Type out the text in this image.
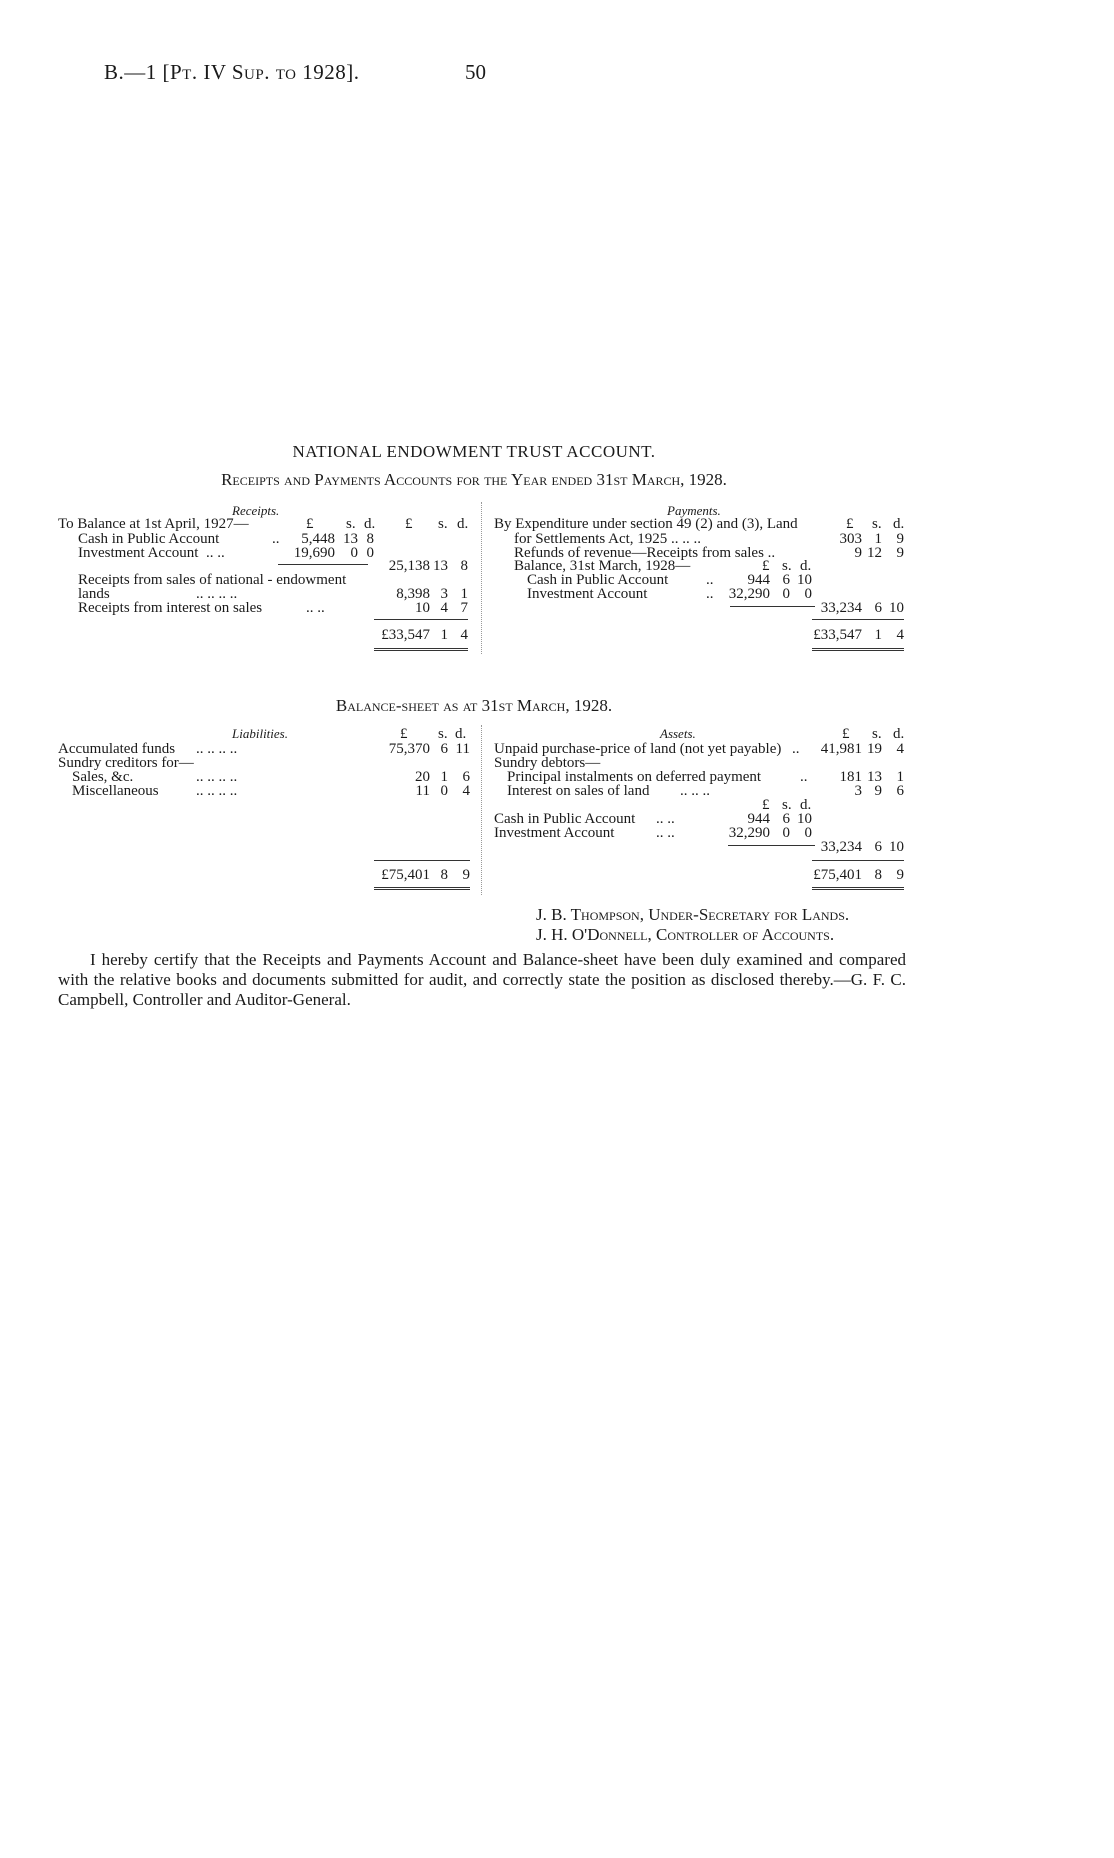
B.—1 [Pt. IV Sup. to 1928].	50
NATIONAL ENDOWMENT TRUST ACCOUNT.
Receipts and Payments Accounts for the Year ended 31st March, 1928.
Receipts.
To Balance at 1st April, 1927—	£ s. d. £ s. d.
Cash in Public Account	..	5,448 13 8
Investment Account .. ..	19,690	0 0
25,138 13 8
Receipts from sales of national - endowment
lands	.. .. .. ..	8,398 3 1
Receipts from interest on sales	.. ..	10 4 7
£33,547 1 4
Payments.
By Expenditure under section 49 (2) and (3), Land	£ s. d.
for Settlements Act, 1925 .. .. ..	303 1 9
Refunds of revenue—Receipts from sales ..	9 12 9
Balance, 31st March, 1928—	£ s. d.
Cash in Public Account	..	944 6 10
Investment Account	..	32,290 0 0
33,234 6 10
£33,547 1 4
Balance-sheet as at 31st March, 1928.
Liabilities.	£ s. d.
Accumulated funds .. .. .. ..	75,370 6 11
Sundry creditors for—
Sales, &c.	.. .. .. ..	20 1 6
Miscellaneous .. .. .. ..	11 0 4
£75,401 8 9
Assets.	£ s. d.
Unpaid purchase-price of land (not yet payable) ..	41,981 19 4
Sundry debtors—
Principal instalments on deferred payment	..	181 13 1
Interest on sales of land .. .. ..	3 9 6
£ s. d.
Cash in Public Account .. ..	944 6 10
Investment Account	.. ..	32,290 0 0
33,234 6 10
£75,401 8 9
J. B. Thompson, Under-Secretary for Lands.
J. H. O'Donnell, Controller of Accounts.
I hereby certify that the Receipts and Payments Account and Balance-sheet have been duly examined and compared with the relative books and documents submitted for audit, and correctly state the position as disclosed thereby.—G. F. C. Campbell, Controller and Auditor-General.
